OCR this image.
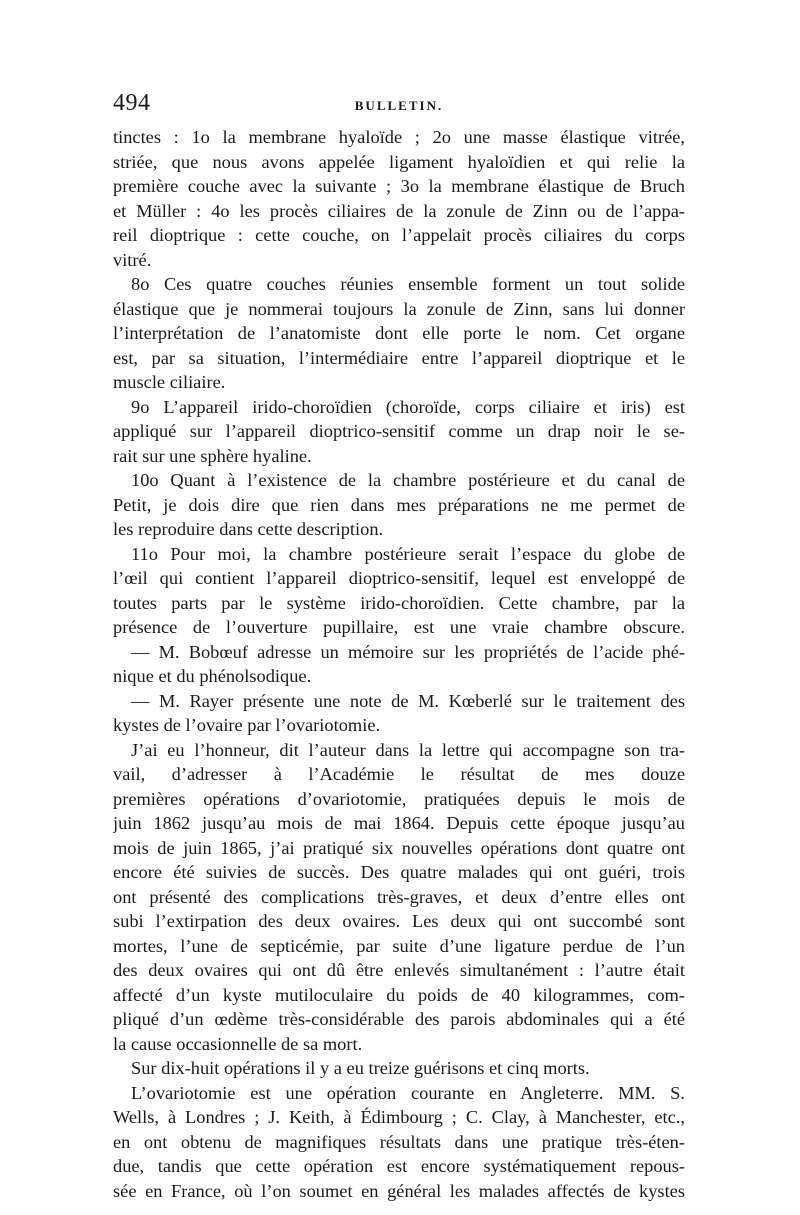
494	BULLETIN.
tinctes : 1o la membrane hyaloïde ; 2o une masse élastique vitrée,
striée, que nous avons appelée ligament hyaloïdien et qui relie la
première couche avec la suivante ; 3o la membrane élastique de Bruch
et Müller : 4o les procès ciliaires de la zonule de Zinn ou de l’appa-
reil dioptrique : cette couche, on l’appelait procès ciliaires du corps
vitré.
8o Ces quatre couches réunies ensemble forment un tout solide
élastique que je nommerai toujours la zonule de Zinn, sans lui donner
l’interprétation de l’anatomiste dont elle porte le nom. Cet organe
est, par sa situation, l’intermédiaire entre l’appareil dioptrique et le
muscle ciliaire.
9o L’appareil irido-choroïdien (choroïde, corps ciliaire et iris) est
appliqué sur l’appareil dioptrico-sensitif comme un drap noir le se-
rait sur une sphère hyaline.
10o Quant à l’existence de la chambre postérieure et du canal de
Petit, je dois dire que rien dans mes préparations ne me permet de
les reproduire dans cette description.
11o Pour moi, la chambre postérieure serait l’espace du globe de
l’œil qui contient l’appareil dioptrico-sensitif, lequel est enveloppé de
toutes parts par le système irido-choroïdien. Cette chambre, par la
présence de l’ouverture pupillaire, est une vraie chambre obscure.
— M. Bobœuf adresse un mémoire sur les propriétés de l’acide phé-
nique et du phénolsodique.
— M. Rayer présente une note de M. Kœberlé sur le traitement des
kystes de l’ovaire par l’ovariotomie.
J’ai eu l’honneur, dit l’auteur dans la lettre qui accompagne son tra-
vail, d’adresser à l’Académie le résultat de mes douze
premières opérations d’ovariotomie, pratiquées depuis le mois de
juin 1862 jusqu’au mois de mai 1864. Depuis cette époque jusqu’au
mois de juin 1865, j’ai pratiqué six nouvelles opérations dont quatre ont
encore été suivies de succès. Des quatre malades qui ont guéri, trois
ont présenté des complications très-graves, et deux d’entre elles ont
subi l’extirpation des deux ovaires. Les deux qui ont succombé sont
mortes, l’une de septicémie, par suite d’une ligature perdue de l’un
des deux ovaires qui ont dû être enlevés simultanément : l’autre était
affecté d’un kyste mutiloculaire du poids de 40 kilogrammes, com-
pliqué d’un œdème très-considérable des parois abdominales qui a été
la cause occasionnelle de sa mort.
Sur dix-huit opérations il y a eu treize guérisons et cinq morts.
L’ovariotomie est une opération courante en Angleterre. MM. S.
Wells, à Londres ; J. Keith, à Édimbourg ; C. Clay, à Manchester, etc.,
en ont obtenu de magnifiques résultats dans une pratique très-éten-
due, tandis que cette opération est encore systématiquement repous-
sée en France, où l’on soumet en général les malades affectés de kystes
